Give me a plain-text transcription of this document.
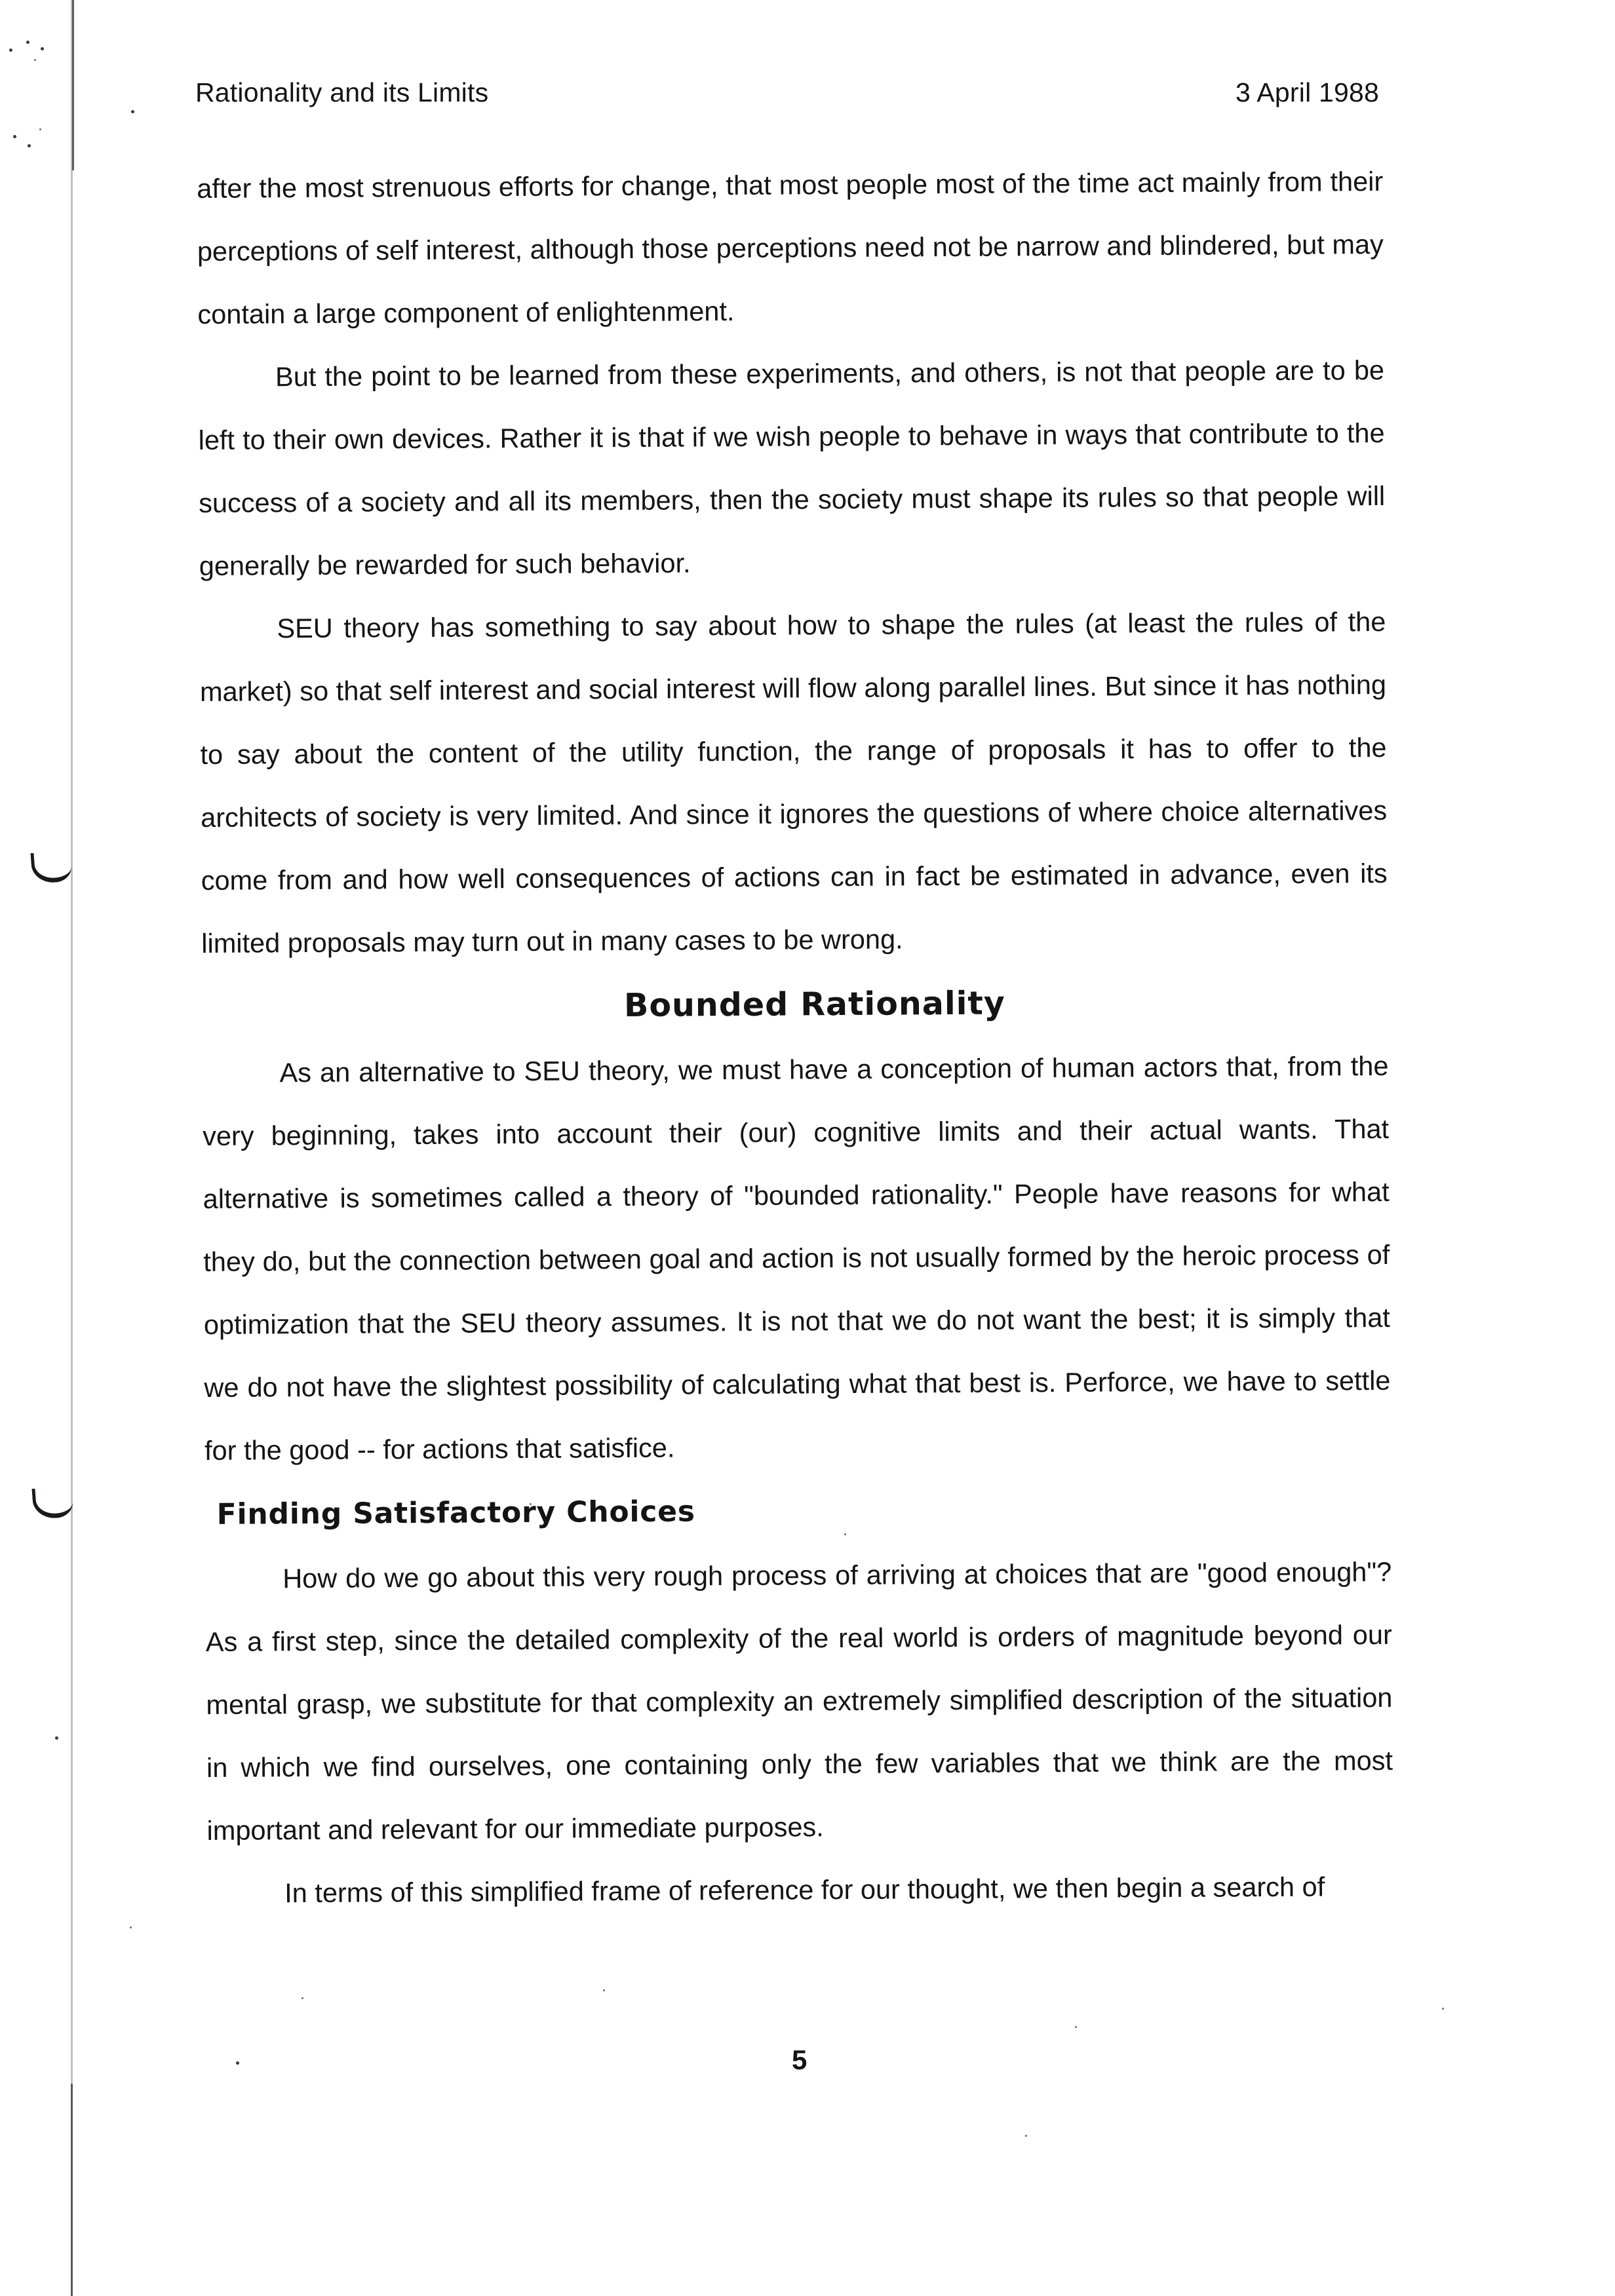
Rationality and its Limits	3 April 1988

after the most strenuous efforts for change, that most people most of the time act mainly from their perceptions of self interest, although those perceptions need not be narrow and blindered, but may contain a large component of enlightenment.

But the point to be learned from these experiments, and others, is not that people are to be left to their own devices. Rather it is that if we wish people to behave in ways that contribute to the success of a society and all its members, then the society must shape its rules so that people will generally be rewarded for such behavior.

SEU theory has something to say about how to shape the rules (at least the rules of the market) so that self interest and social interest will flow along parallel lines. But since it has nothing to say about the content of the utility function, the range of proposals it has to offer to the architects of society is very limited. And since it ignores the questions of where choice alternatives come from and how well consequences of actions can in fact be estimated in advance, even its limited proposals may turn out in many cases to be wrong.

Bounded Rationality

As an alternative to SEU theory, we must have a conception of human actors that, from the very beginning, takes into account their (our) cognitive limits and their actual wants. That alternative is sometimes called a theory of "bounded rationality." People have reasons for what they do, but the connection between goal and action is not usually formed by the heroic process of optimization that the SEU theory assumes. It is not that we do not want the best; it is simply that we do not have the slightest possibility of calculating what that best is. Perforce, we have to settle for the good -- for actions that satisfice.

Finding Satisfactory Choices

How do we go about this very rough process of arriving at choices that are "good enough"? As a first step, since the detailed complexity of the real world is orders of magnitude beyond our mental grasp, we substitute for that complexity an extremely simplified description of the situation in which we find ourselves, one containing only the few variables that we think are the most important and relevant for our immediate purposes.

In terms of this simplified frame of reference for our thought, we then begin a search of

5
